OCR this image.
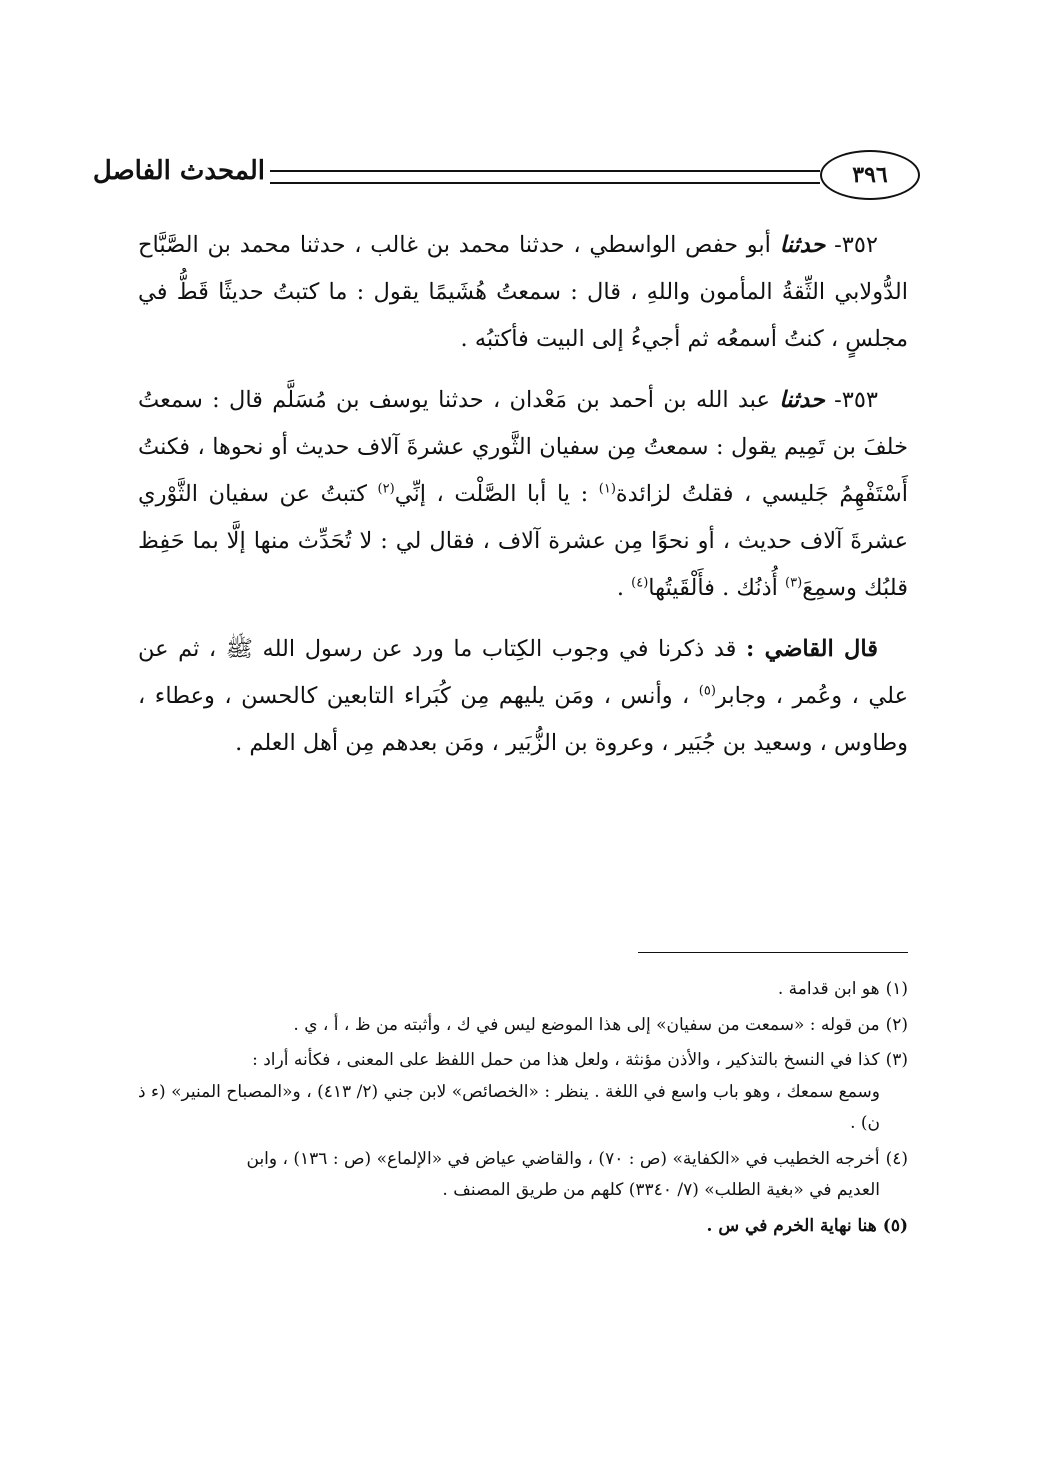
٣٩٦
المحدث الفاصل

٣٥٢- حدثنا أبو حفص الواسطي ، حدثنا محمد بن غالب ، حدثنا محمد بن الصَّبَّاح الدُّولابي الثِّقةُ المأمون واللهِ ، قال : سمعتُ هُشَيمًا يقول : ما كتبتُ حديثًا قَطُّ في مجلسٍ ، كنتُ أسمعُه ثم أجيءُ إلى البيت فأكتبُه .

٣٥٣- حدثنا عبد الله بن أحمد بن مَعْدان ، حدثنا يوسف بن مُسَلَّم قال : سمعتُ خلفَ بن تَمِيم يقول : سمعتُ مِن سفيان الثَّوري عشرةَ آلاف حديث أو نحوها ، فكنتُ أَسْتَفْهِمُ جَليسي ، فقلتُ لزائدة$^{(١)}$ : يا أبا الصَّلْت ، إنِّي$^{(٢)}$ كتبتُ عن سفيان الثَّوْري عشرةَ آلاف حديث ، أو نحوًا مِن عشرة آلاف ، فقال لي : لا تُحَدِّث منها إلَّا بما حَفِظ قلبُك وسمِعَ$^{(٣)}$ أُذنُك . فأَلْقَيتُها$^{(٤)}$ .

قال القاضي : قد ذكرنا في وجوب الكِتاب ما ورد عن رسول الله ﷺ ، ثم عن علي ، وعُمر ، وجابر$^{(٥)}$ ، وأنس ، ومَن يليهم مِن كُبَراء التابعين كالحسن ، وعطاء ، وطاوس ، وسعيد بن جُبَير ، وعروة بن الزُّبَير ، ومَن بعدهم مِن أهل العلم .

(١)هو ابن قدامة .

(٢)من قوله : «سمعت من سفيان» إلى هذا الموضع ليس في ك ، وأثبته من ظ ، أ ، ي .

(٣)كذا في النسخ بالتذكير ، والأذن مؤنثة ، ولعل هذا من حمل اللفظ على المعنى ، فكأنه أراد :
وسمع سمعك ، وهو باب واسع في اللغة . ينظر : «الخصائص» لابن جني (٢/ ٤١٣) ، و«المصباح المنير» (ء ذ ن) .

(٤)أخرجه الخطيب في «الكفاية» (ص : ٧٠) ، والقاضي عياض في «الإلماع» (ص : ١٣٦) ، وابن
العديم في «بغية الطلب» (٧/ ٣٣٤٠) كلهم من طريق المصنف .

(٥)هنا نهاية الخرم في س .
